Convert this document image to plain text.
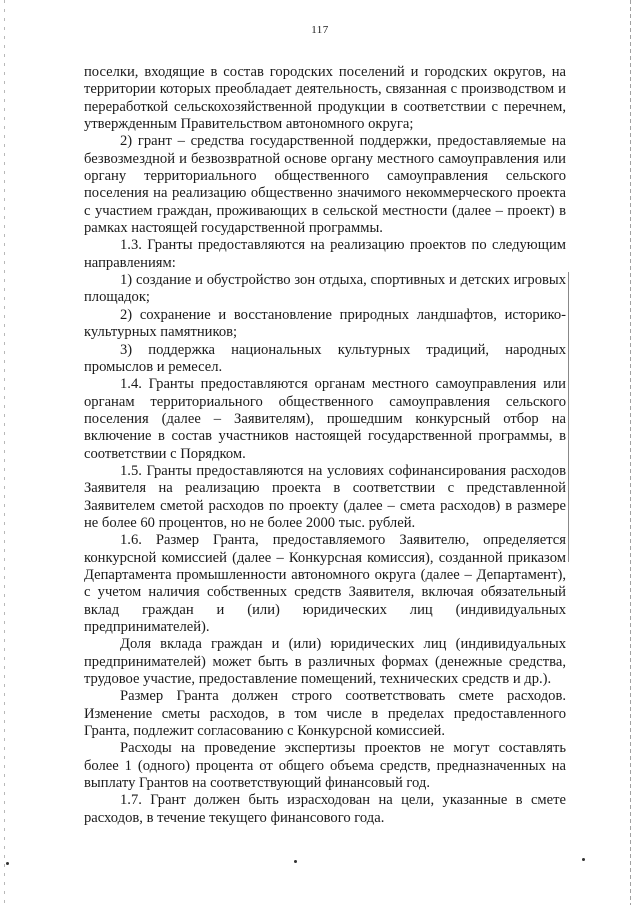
117

поселки, входящие в состав городских поселений и городских округов, на территории которых преобладает деятельность, связанная с производством и переработкой сельскохозяйственной продукции в соответствии с перечнем, утвержденным Правительством автономного округа;

2) грант – средства государственной поддержки, предоставляемые на безвозмездной и безвозвратной основе органу местного самоуправления или органу территориального общественного самоуправления сельского поселения на реализацию общественно значимого некоммерческого проекта с участием граждан, проживающих в сельской местности (далее – проект) в рамках настоящей государственной программы.

1.3. Гранты предоставляются на реализацию проектов по следующим направлениям:

1) создание и обустройство зон отдыха, спортивных и детских игровых площадок;

2) сохранение и восстановление природных ландшафтов, историко-культурных памятников;

3) поддержка национальных культурных традиций, народных промыслов и ремесел.

1.4. Гранты предоставляются органам местного самоуправления или органам территориального общественного самоуправления сельского поселения (далее – Заявителям), прошедшим конкурсный отбор на включение в состав участников настоящей государственной программы, в соответствии с Порядком.

1.5. Гранты предоставляются на условиях софинансирования расходов Заявителя на реализацию проекта в соответствии с представленной Заявителем сметой расходов по проекту (далее – смета расходов) в размере не более 60 процентов, но не более 2000 тыс. рублей.

1.6. Размер Гранта, предоставляемого Заявителю, определяется конкурсной комиссией (далее – Конкурсная комиссия), созданной приказом Департамента промышленности автономного округа (далее – Департамент), с учетом наличия собственных средств Заявителя, включая обязательный вклад граждан и (или) юридических лиц (индивидуальных предпринимателей).

Доля вклада граждан и (или) юридических лиц (индивидуальных предпринимателей) может быть в различных формах (денежные средства, трудовое участие, предоставление помещений, технических средств и др.).

Размер Гранта должен строго соответствовать смете расходов. Изменение сметы расходов, в том числе в пределах предоставленного Гранта, подлежит согласованию с Конкурсной комиссией.

Расходы на проведение экспертизы проектов не могут составлять более 1 (одного) процента от общего объема средств, предназначенных на выплату Грантов на соответствующий финансовый год.

1.7. Грант должен быть израсходован на цели, указанные в смете расходов, в течение текущего финансового года.
